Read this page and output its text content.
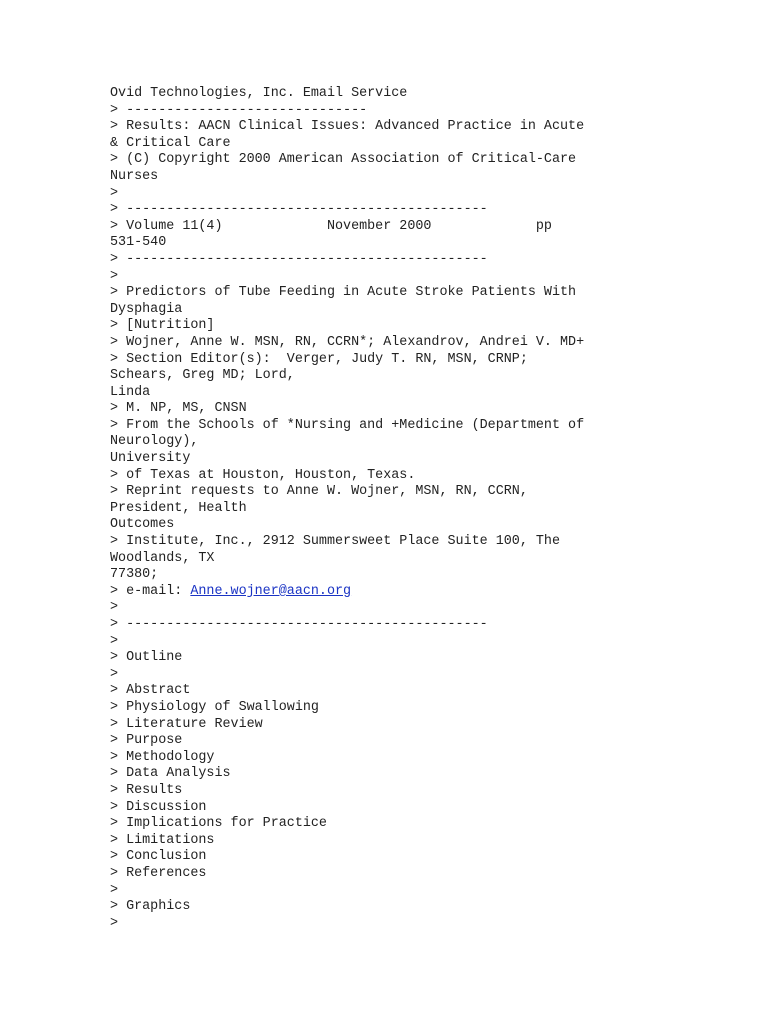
Ovid Technologies, Inc. Email Service
> ------------------------------
> Results: AACN Clinical Issues: Advanced Practice in Acute
& Critical Care
> (C) Copyright 2000 American Association of Critical-Care
Nurses
>
> ---------------------------------------------
> Volume 11(4)             November 2000             pp
531-540
> ---------------------------------------------
>
> Predictors of Tube Feeding in Acute Stroke Patients With
Dysphagia
> [Nutrition]
> Wojner, Anne W. MSN, RN, CCRN*; Alexandrov, Andrei V. MD+
> Section Editor(s):  Verger, Judy T. RN, MSN, CRNP;
Schears, Greg MD; Lord,
Linda
> M. NP, MS, CNSN
> From the Schools of *Nursing and +Medicine (Department of
Neurology),
University
> of Texas at Houston, Houston, Texas.
> Reprint requests to Anne W. Wojner, MSN, RN, CCRN,
President, Health
Outcomes
> Institute, Inc., 2912 Summersweet Place Suite 100, The
Woodlands, TX
77380;
> e-mail: Anne.wojner@aacn.org
>
> ---------------------------------------------
>
> Outline
>
> Abstract
> Physiology of Swallowing
> Literature Review
> Purpose
> Methodology
> Data Analysis
> Results
> Discussion
> Implications for Practice
> Limitations
> Conclusion
> References
>
> Graphics
>
